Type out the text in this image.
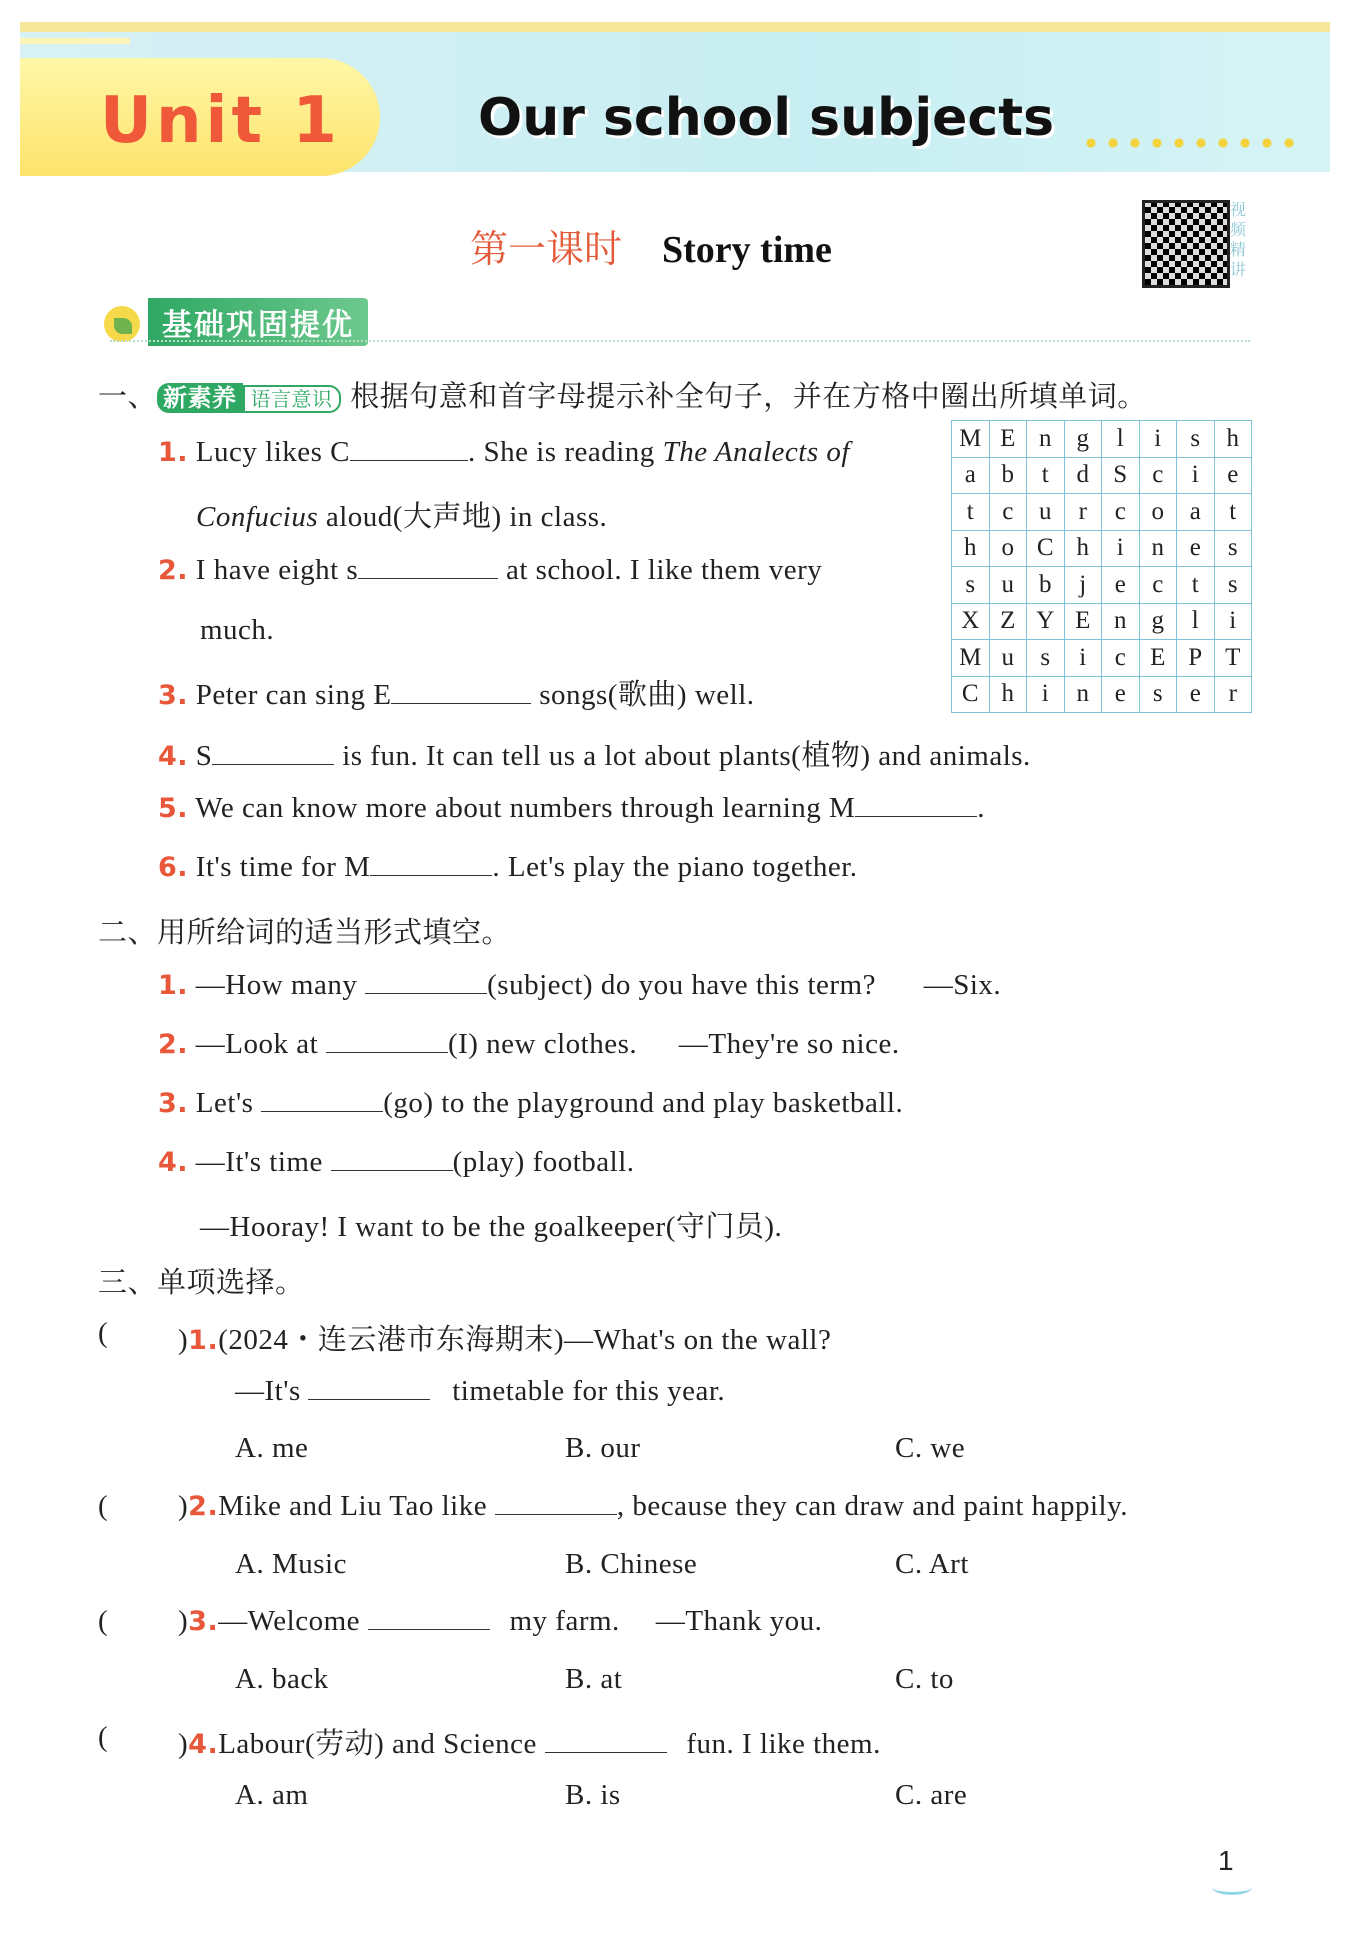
Unit 1	Our school subjects
第一课时 Story time
视频精讲
基础巩固提优
一、 新素养 语言意识 根据句意和首字母提示补全句子，并在方格中圈出所填单词。
1. Lucy likes C	. She is reading The Analects of
Confucius aloud(大声地) in class.
2. I have eight s	at school. I like them very
much.
3. Peter can sing E	songs(歌曲) well.
4. S	is fun. It can tell us a lot about plants(植物) and animals.
5. We can know more about numbers through learning M	.
6. It's time for M	. Let's play the piano together.
M	E	n	g	l	i	s	h
a	b	t	d	S	c	i	e
t	c	u	r	c	o	a	t
h	o	C	h	i	n	e	s
s	u	b	j	e	c	t	s
X	Z	Y	E	n	g	l	i
M	u	s	i	c	E	P	T
C	h	i	n	e	s	e	r
二、用所给词的适当形式填空。
1. —How many	(subject) do you have this term? —Six.
2. —Look at	(I) new clothes. —They're so nice.
3. Let's	(go) to the playground and play basketball.
4. —It's time	(play) football.
—Hooray! I want to be the goalkeeper(守门员).
三、单项选择。
( )1.(2024・连云港市东海期末)—What's on the wall?
—It's	timetable for this year.
A. me	B. our	C. we
( )2.Mike and Liu Tao like	, because they can draw and paint happily.
A. Music	B. Chinese	C. Art
( )3.—Welcome	my farm. —Thank you.
A. back	B. at	C. to
( )4.Labour(劳动) and Science	fun. I like them.
A. am	B. is	C. are
1
